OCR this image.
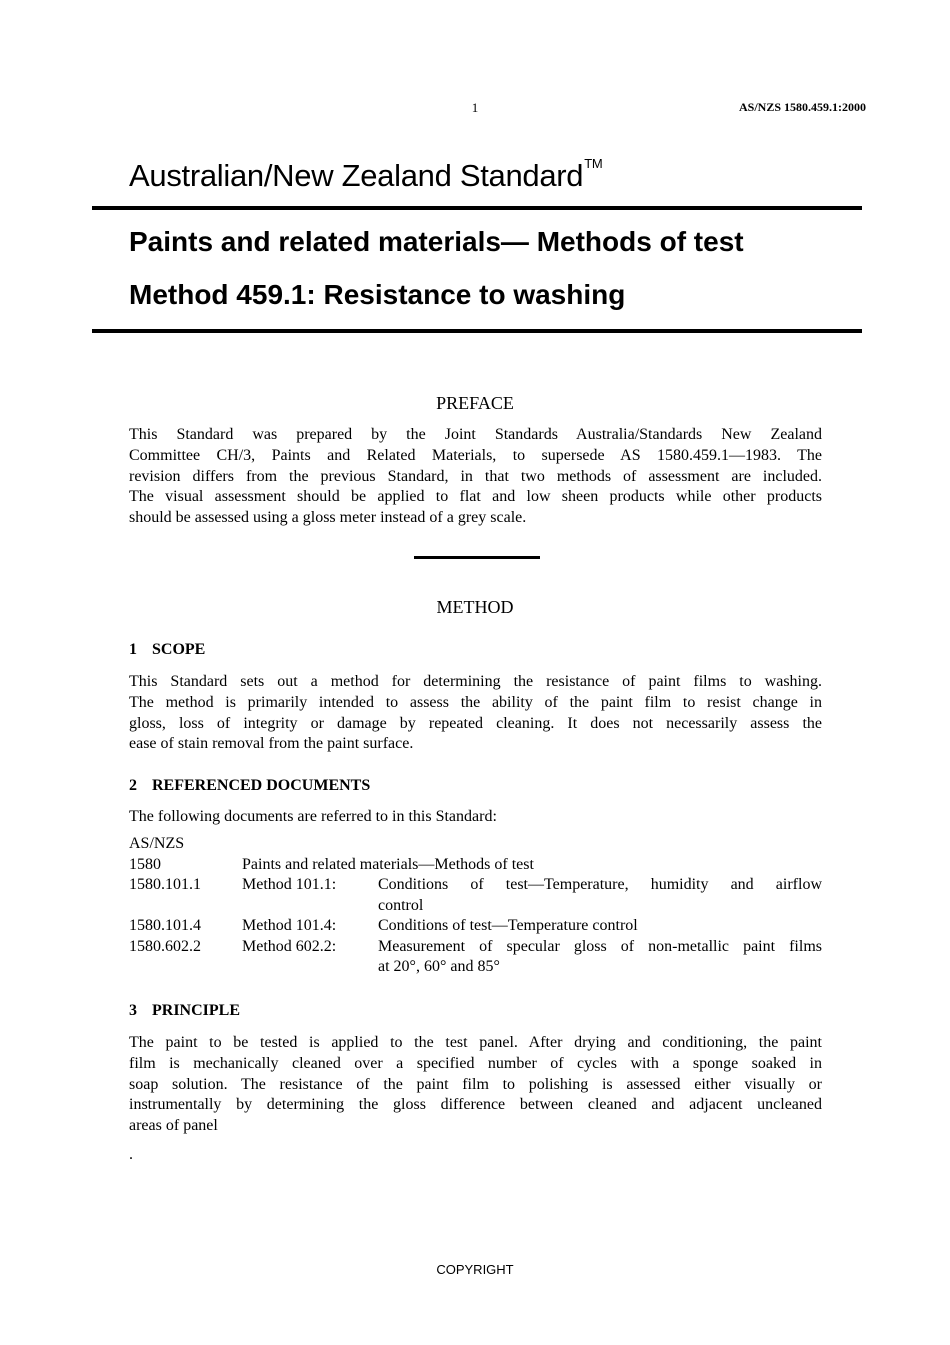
1	AS/NZS 1580.459.1:2000
Australian/New Zealand Standard™
Paints and related materials— Methods of test
Method 459.1: Resistance to washing
PREFACE
This Standard was prepared by the Joint Standards Australia/Standards New Zealand
Committee CH/3, Paints and Related Materials, to supersede AS 1580.459.1—1983. The
revision differs from the previous Standard, in that two methods of assessment are included.
The visual assessment should be applied to flat and low sheen products while other products
should be assessed using a gloss meter instead of a grey scale.
METHOD
1 SCOPE
This Standard sets out a method for determining the resistance of paint films to washing.
The method is primarily intended to assess the ability of the paint film to resist change in
gloss, loss of integrity or damage by repeated cleaning. It does not necessarily assess the
ease of stain removal from the paint surface.
2 REFERENCED DOCUMENTS
The following documents are referred to in this Standard:
AS/NZS
1580	Paints and related materials—Methods of test
1580.101.1	Method 101.1:	Conditions of test—Temperature, humidity and airflow
control
1580.101.4	Method 101.4:	Conditions of test—Temperature control
1580.602.2	Method 602.2:	Measurement of specular gloss of non-metallic paint films
at 20°, 60° and 85°
3 PRINCIPLE
The paint to be tested is applied to the test panel. After drying and conditioning, the paint
film is mechanically cleaned over a specified number of cycles with a sponge soaked in
soap solution. The resistance of the paint film to polishing is assessed either visually or
instrumentally by determining the gloss difference between cleaned and adjacent uncleaned
areas of panel
.
COPYRIGHT
